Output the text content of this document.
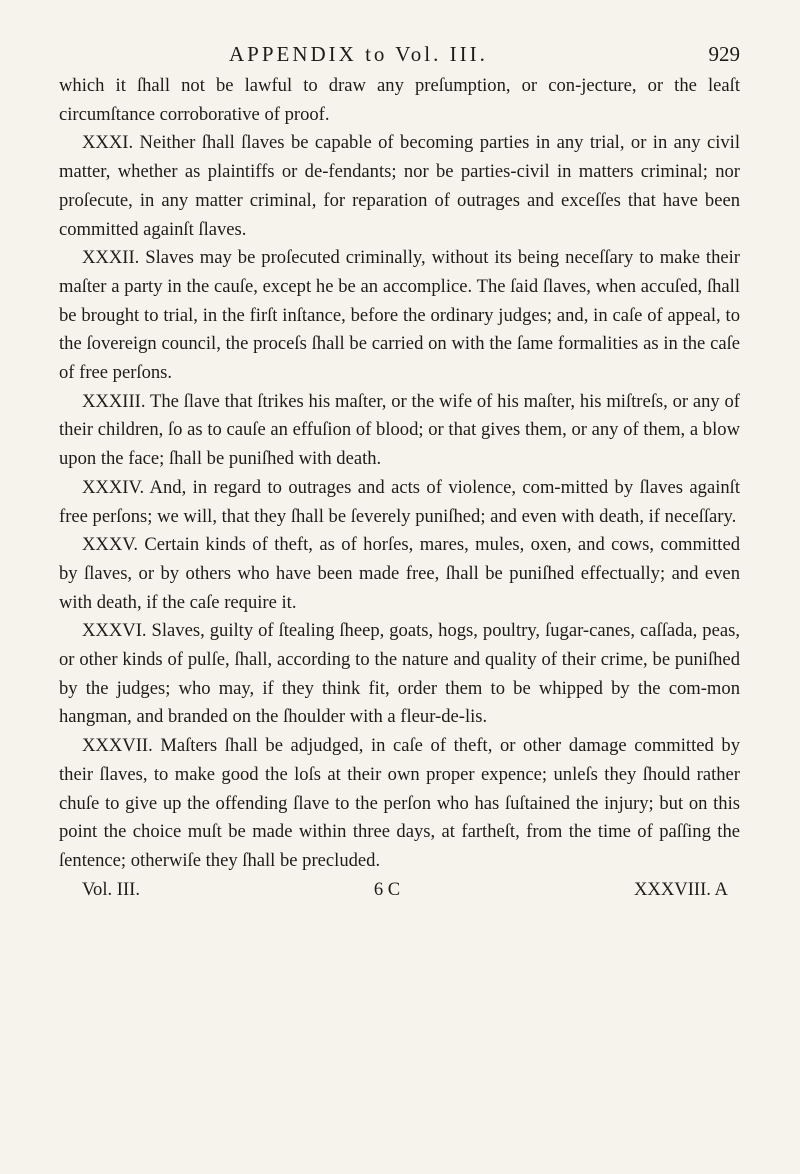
APPENDIX to Vol. III.	929

which it ſhall not be lawful to draw any preſumption, or con-jecture, or the leaſt circumſtance corroborative of proof.

XXXI. Neither ſhall ſlaves be capable of becoming parties in any trial, or in any civil matter, whether as plaintiffs or de-fendants; nor be parties-civil in matters criminal; nor proſecute, in any matter criminal, for reparation of outrages and exceſſes that have been committed againſt ſlaves.

XXXII. Slaves may be proſecuted criminally, without its being neceſſary to make their maſter a party in the cauſe, except he be an accomplice. The ſaid ſlaves, when accuſed, ſhall be brought to trial, in the firſt inſtance, before the ordinary judges; and, in caſe of appeal, to the ſovereign council, the proceſs ſhall be carried on with the ſame formalities as in the caſe of free perſons.

XXXIII. The ſlave that ſtrikes his maſter, or the wife of his maſter, his miſtreſs, or any of their children, ſo as to cauſe an effuſion of blood; or that gives them, or any of them, a blow upon the face; ſhall be puniſhed with death.

XXXIV. And, in regard to outrages and acts of violence, com-mitted by ſlaves againſt free perſons; we will, that they ſhall be ſeverely puniſhed; and even with death, if neceſſary.

XXXV. Certain kinds of theft, as of horſes, mares, mules, oxen, and cows, committed by ſlaves, or by others who have been made free, ſhall be puniſhed effectually; and even with death, if the caſe require it.

XXXVI. Slaves, guilty of ſtealing ſheep, goats, hogs, poultry, ſugar-canes, caſſada, peas, or other kinds of pulſe, ſhall, according to the nature and quality of their crime, be puniſhed by the judges; who may, if they think fit, order them to be whipped by the com-mon hangman, and branded on the ſhoulder with a fleur-de-lis.

XXXVII. Maſters ſhall be adjudged, in caſe of theft, or other damage committed by their ſlaves, to make good the loſs at their own proper expence; unleſs they ſhould rather chuſe to give up the offending ſlave to the perſon who has ſuſtained the injury; but on this point the choice muſt be made within three days, at fartheſt, from the time of paſſing the ſentence; otherwiſe they ſhall be precluded.

Vol. III.	6 C	XXXVIII. A
